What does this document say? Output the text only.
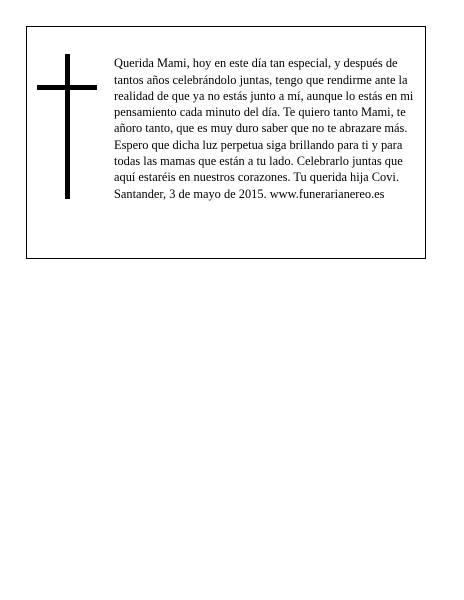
Querida Mami, hoy en este día tan especial, y después de tantos años celebrándolo juntas, tengo que rendirme ante la realidad de que ya no estás junto a mí, aunque lo estás en mi pensamiento cada minuto del día. Te quiero tanto Mami, te añoro tanto, que es muy duro saber que no te abrazare más. Espero que dicha luz perpetua siga brillando para ti y para todas las mamas que están a tu lado. Celebrarlo juntas que aquí estaréis en nuestros corazones. Tu querida hija Covi.

Santander, 3 de mayo de 2015. www.funerarianereo.es
